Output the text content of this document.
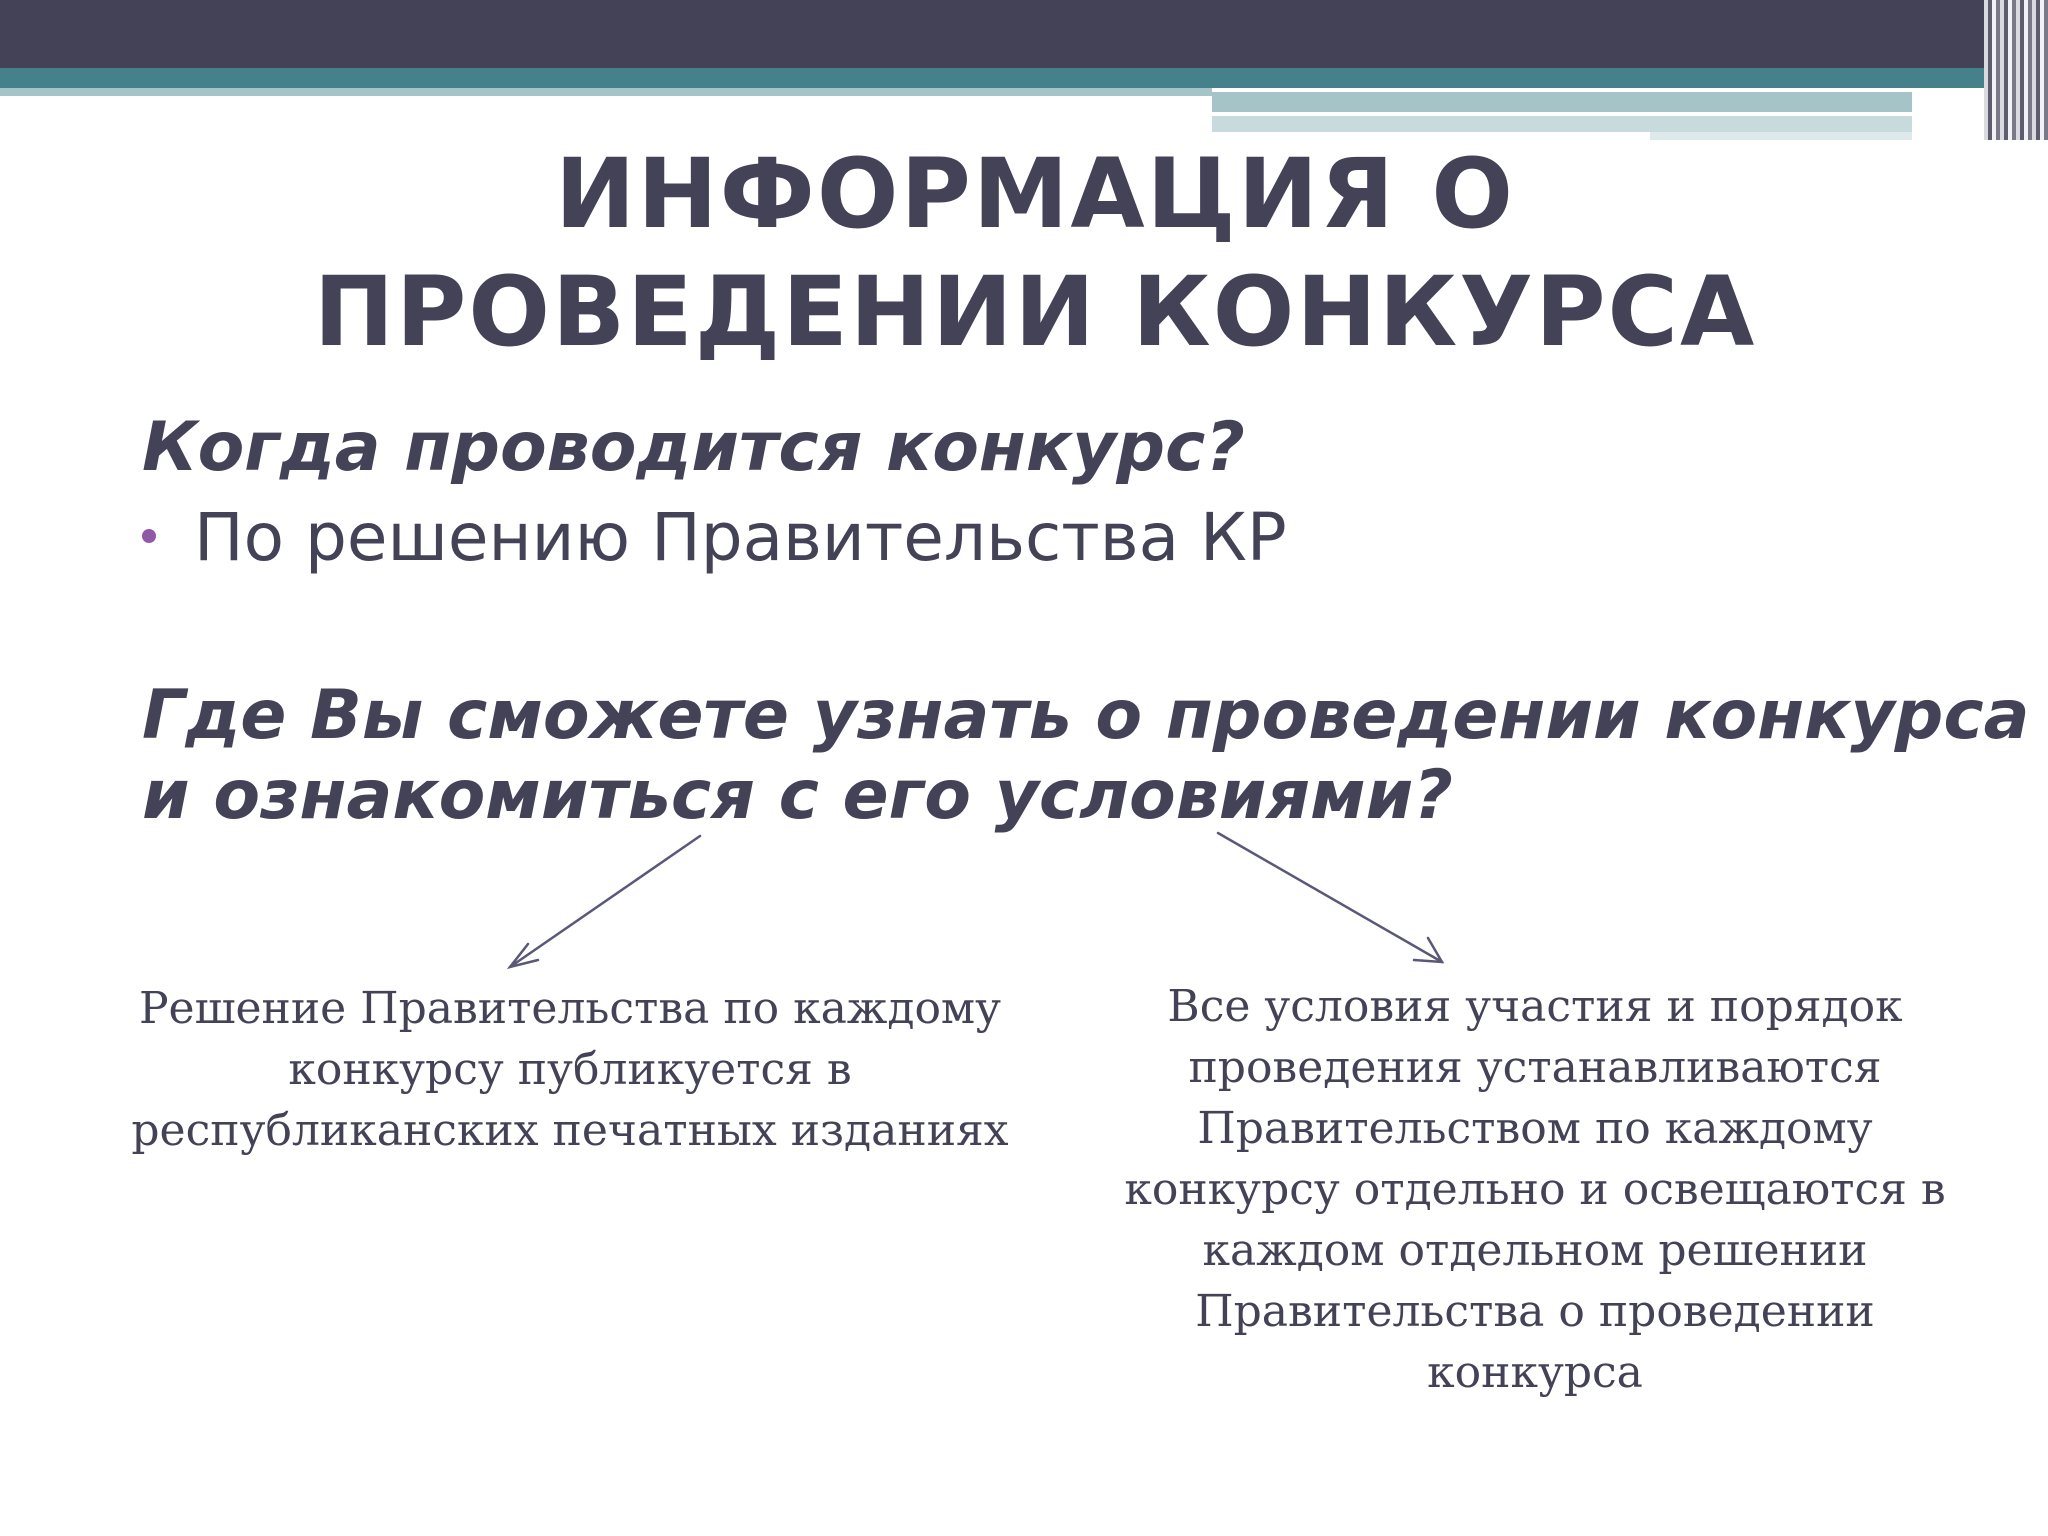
ИНФОРМАЦИЯ О ПРОВЕДЕНИИ КОНКУРСА
Когда проводится конкурс?
По решению Правительства КР
Где Вы сможете узнать о проведении конкурса
и ознакомиться с его условиями?
Решение Правительства по каждому
конкурсу публикуется в
республиканских печатных изданиях
Все условия участия и порядок
проведения устанавливаются
Правительством по каждому
конкурсу отдельно и освещаются в
каждом отдельном решении
Правительства о проведении
конкурса
